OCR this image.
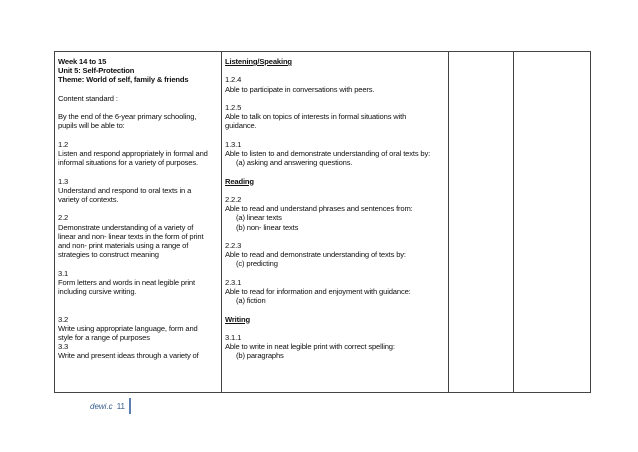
Week 14 to 15
Unit 5: Self-Protection
Theme: World of self, family & friends
Content standard :
By the end of the 6-year primary schooling,
pupils will be able to:
1.2
Listen and respond appropriately in formal and
informal situations for a variety of purposes.
1.3
Understand and respond to oral texts in a
variety of contexts.
2.2
Demonstrate understanding of a variety of
linear and non- linear texts in the form of print
and non- print materials using a range of
strategies to construct meaning
3.1
Form letters and words in neat legible print
including cursive writing.
3.2
Write using appropriate language, form and
style for a range of purposes
3.3
Write and present ideas through a variety of
Listening/Speaking
1.2.4
Able to participate in conversations with peers.
1.2.5
Able to talk on topics of interests in formal situations with
guidance.
1.3.1
Able to listen to and demonstrate understanding of oral texts by:
(a) asking and answering questions.
Reading
2.2.2
Able to read and understand phrases and sentences from:
(a) linear texts
(b) non- linear texts
2.2.3
Able to read and demonstrate understanding of texts by:
(c) predicting
2.3.1
Able to read for information and enjoyment with guidance:
(a) fiction
Writing
3.1.1
Able to write in neat legible print with correct spelling:
(b) paragraphs
dewi.c 11
